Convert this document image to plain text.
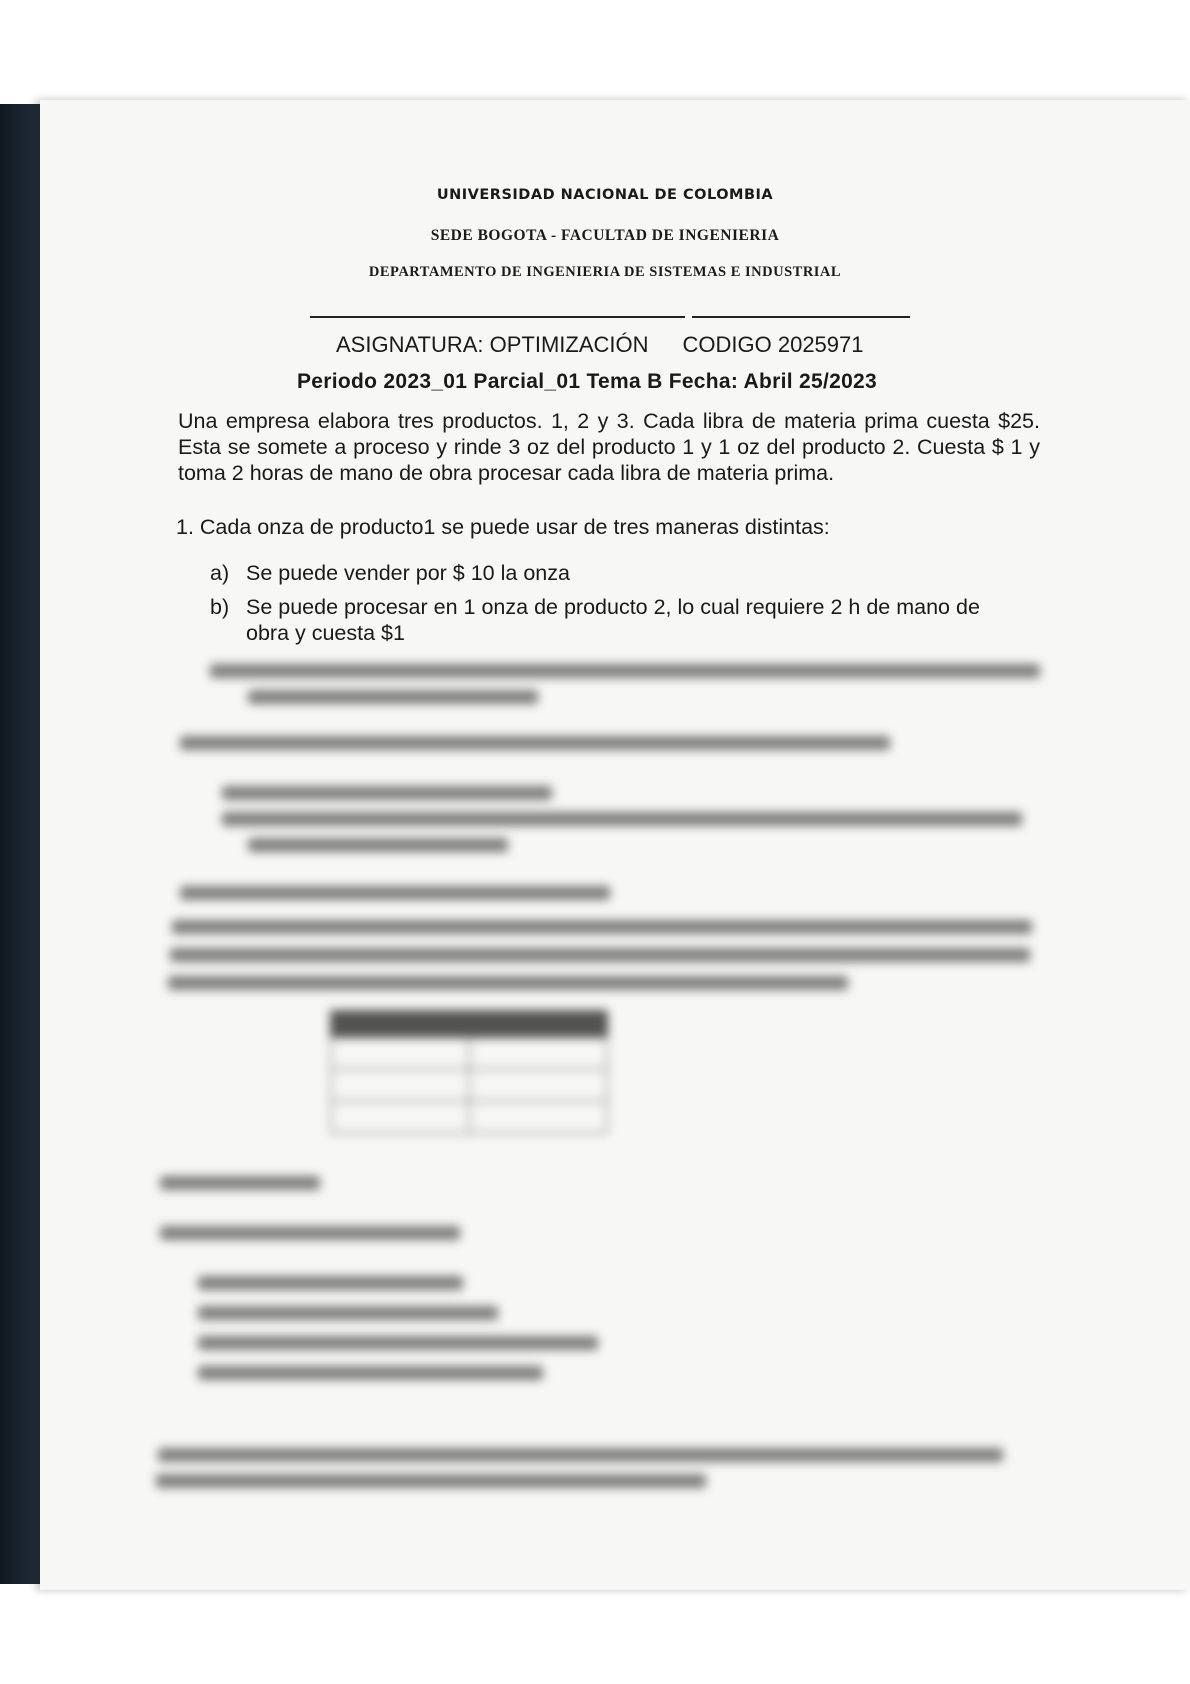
UNIVERSIDAD NACIONAL DE COLOMBIA
SEDE BOGOTA - FACULTAD DE INGENIERIA
DEPARTAMENTO DE INGENIERIA DE SISTEMAS E INDUSTRIAL
ASIGNATURA: OPTIMIZACIÓN CODIGO 2025971
Periodo 2023_01 Parcial_01 Tema B Fecha: Abril 25/2023
Una empresa elabora tres productos. 1, 2 y 3. Cada libra de materia prima cuesta $25. Esta se somete a proceso y rinde 3 oz del producto 1 y 1 oz del producto 2. Cuesta $ 1 y toma 2 horas de mano de obra procesar cada libra de materia prima.
1. Cada onza de producto1 se puede usar de tres maneras distintas:
a) Se puede vender por $ 10 la onza
b) Se puede procesar en 1 onza de producto 2, lo cual requiere 2 h de mano de
obra y cuesta $1
